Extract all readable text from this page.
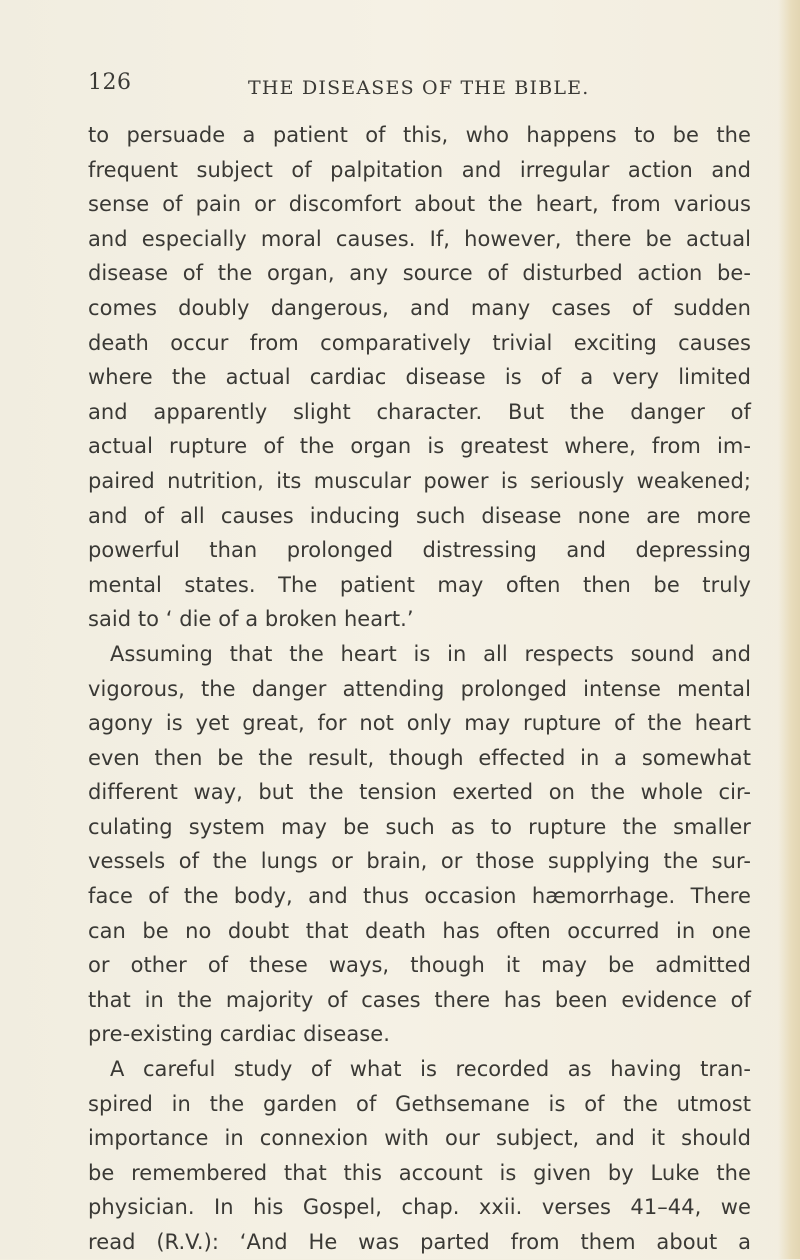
126	THE DISEASES OF THE BIBLE.
to persuade a patient of this, who happens to be the
frequent subject of palpitation and irregular action and
sense of pain or discomfort about the heart, from various
and especially moral causes. If, however, there be actual
disease of the organ, any source of disturbed action be-
comes doubly dangerous, and many cases of sudden
death occur from comparatively trivial exciting causes
where the actual cardiac disease is of a very limited
and apparently slight character. But the danger of
actual rupture of the organ is greatest where, from im-
paired nutrition, its muscular power is seriously weakened;
and of all causes inducing such disease none are more
powerful than prolonged distressing and depressing
mental states. The patient may often then be truly
said to ‘ die of a broken heart.’
Assuming that the heart is in all respects sound and
vigorous, the danger attending prolonged intense mental
agony is yet great, for not only may rupture of the heart
even then be the result, though effected in a somewhat
different way, but the tension exerted on the whole cir-
culating system may be such as to rupture the smaller
vessels of the lungs or brain, or those supplying the sur-
face of the body, and thus occasion hæmorrhage. There
can be no doubt that death has often occurred in one
or other of these ways, though it may be admitted
that in the majority of cases there has been evidence of
pre-existing cardiac disease.
A careful study of what is recorded as having tran-
spired in the garden of Gethsemane is of the utmost
importance in connexion with our subject, and it should
be remembered that this account is given by Luke the
physician. In his Gospel, chap. xxii. verses 41–44, we
read (R.V.): ‘And He was parted from them about a
